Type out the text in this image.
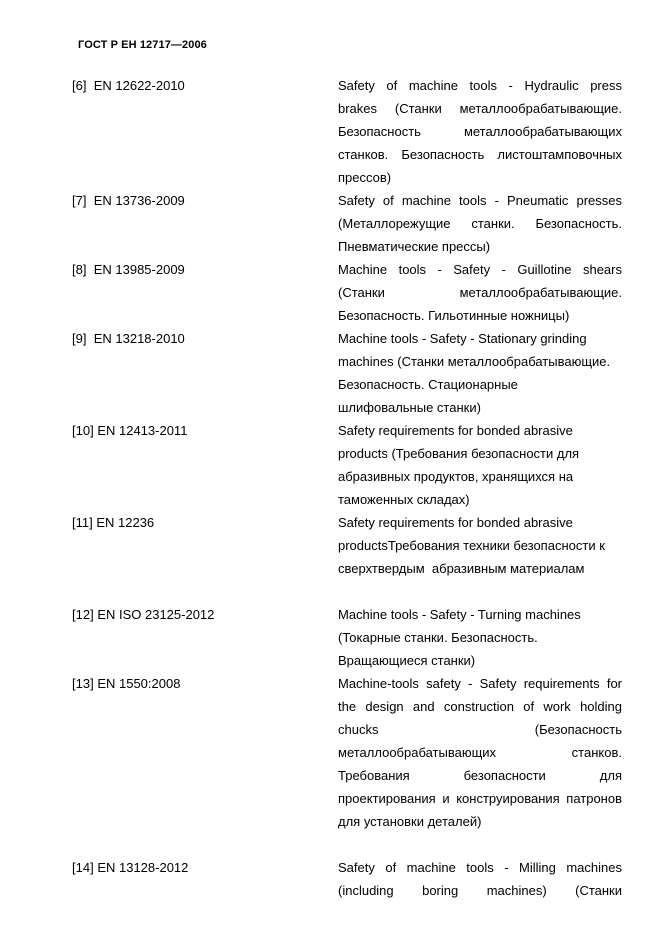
ГОСТ Р ЕН 12717—2006
[6] EN 12622-2010	Safety of machine tools - Hydraulic press
brakes (Станки металлообрабатывающие.
Безопасность металлообрабатывающих
станков. Безопасность листоштамповочных
прессов)
[7] EN 13736-2009	Safety of machine tools - Pneumatic presses
(Металлорежущие станки. Безопасность.
Пневматические прессы)
[8] EN 13985-2009	Machine tools - Safety - Guillotine shears
(Станки металлообрабатывающие.
Безопасность. Гильотинные ножницы)
[9] EN 13218-2010	Machine tools - Safety - Stationary grinding
machines (Станки металлообрабатывающие.
Безопасность. Стационарные
шлифовальные станки)
[10] EN 12413-2011	Safety requirements for bonded abrasive
products (Требования безопасности для
абразивных продуктов, хранящихся на
таможенных складах)
[11] EN 12236	Safety requirements for bonded abrasive
productsТребования техники безопасности к
сверхтвердым  абразивным материалам
[12] EN ISO 23125-2012	Machine tools - Safety - Turning machines
(Токарные станки. Безопасность.
Вращающиеся станки)
[13] EN 1550:2008	Machine-tools safety - Safety requirements for
the design and construction of work holding
chucks (Безопасность
металлообрабатывающих станков.
Требования безопасности для
проектирования и конструирования патронов
для установки деталей)
[14] EN 13128-2012	Safety of machine tools - Milling machines
(including boring machines) (Станки
